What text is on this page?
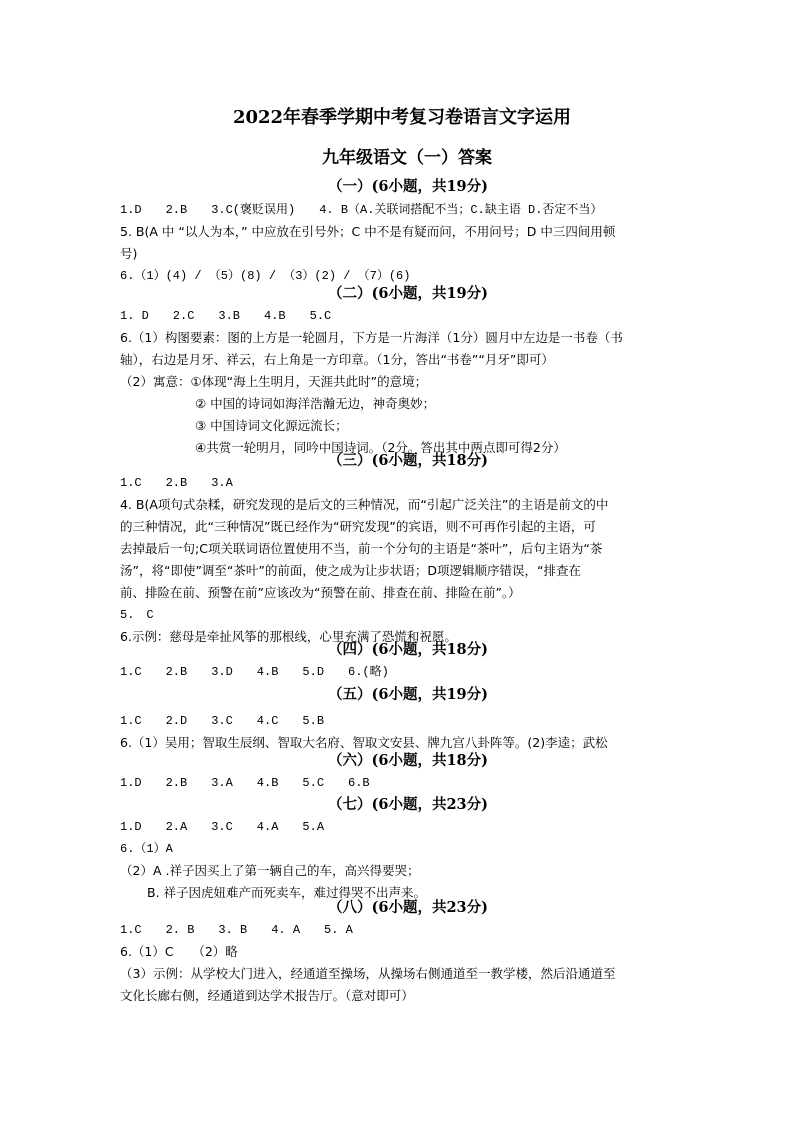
2022年春季学期中考复习卷语言文字运用
九年级语文（一）答案
（一）(6小题，共19分)
1.D　　2.B　　3.C(褒贬误用)　　4. B（A.关联词搭配不当；C.缺主语 D.否定不当）
5. B(A 中 “以人为本，” 中应放在引号外；C 中不是有疑而问，不用问号；D 中三四间用顿
号)
6.（1）(4) / （5）(8) / （3）(2) / （7）(6)
（二）(6小题，共19分)
1. D　　2.C　　3.B　　4.B　　5.C
6.（1）构图要素：图的上方是一轮圆月，下方是一片海洋（1分）圆月中左边是一书卷（书
轴），右边是月牙、祥云，右上角是一方印章。（1分，答出“书卷”“月牙”即可）
（2）寓意：①体现“海上生明月，天涯共此时”的意境；
② 中国的诗词如海洋浩瀚无边，神奇奥妙；
③ 中国诗词文化源远流长；
④共赏一轮明月，同吟中国诗词。（2分。答出其中两点即可得2分）
（三）(6小题，共18分)
1.C　　2.B　　3.A
4. B(A项句式杂糅，研究发现的是后文的三种情况，而“引起广泛关注”的主语是前文的中
的三种情况，此“三种情况”既已经作为“研究发现”的宾语，则不可再作引起的主语，可
去掉最后一句;C项关联词语位置使用不当，前一个分句的主语是“茶叶”，后句主语为“茶
汤”，将“即使”调至“茶叶”的前面，使之成为让步状语；D项逻辑顺序错误，“排查在
前、排险在前、预警在前”应该改为“预警在前、排查在前、排险在前”。）
5.　C
6.示例：慈母是牵扯风筝的那根线，心里充满了恐慌和祝愿。
（四）(6小题，共18分)
1.C　　2.B　　3.D　　4.B　　5.D　　6.(略)
（五）(6小题，共19分)
1.C　　2.D　　3.C　　4.C　　5.B
6.（1）吴用；智取生辰纲、智取大名府、智取文安县、牌九宫八卦阵等。(2)李逵；武松
（六）(6小题，共18分)
1.D　　2.B　　3.A　　4.B　　5.C　　6.B
（七）(6小题，共23分)
1.D　　2.A　　3.C　　4.A　　5.A
6.（1）A
（2）A .祥子因买上了第一辆自己的车，高兴得要哭；
B. 祥子因虎妞难产而死卖车，难过得哭不出声来。
（八）(6小题，共23分)
1.C　　2. B　　3. B　　4. A　　5. A
6.（1）C　　（2）略
（3）示例：从学校大门进入，经通道至操场，从操场右侧通道至一教学楼，然后沿通道至
文化长廊右侧，经通道到达学术报告厅。（意对即可）
